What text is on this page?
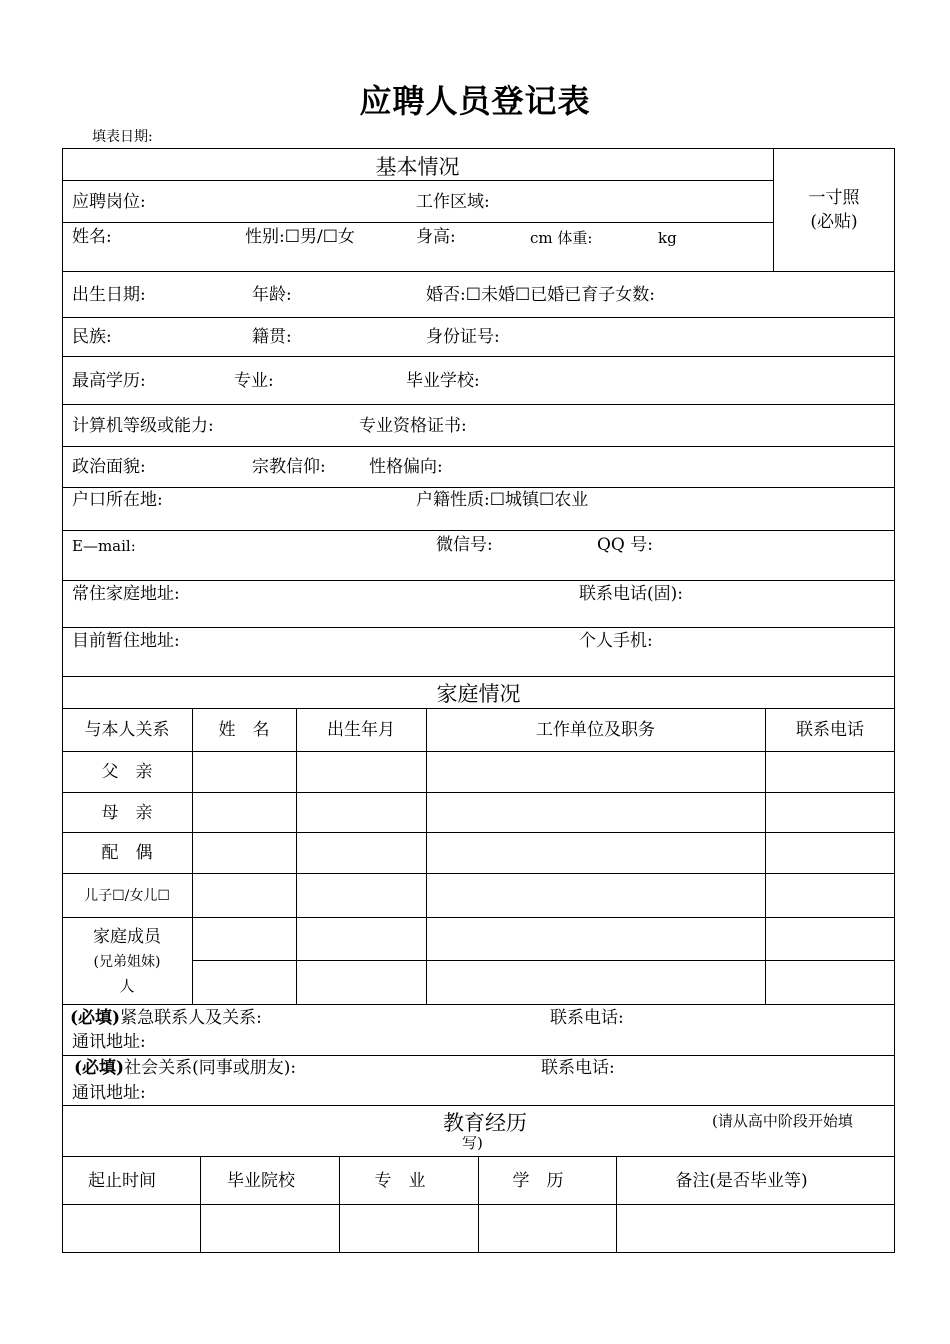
应聘人员登记表
填表日期:
基本情况
一寸照
(必贴)
应聘岗位:	工作区域:
姓名:	性别:☐男/☐女	身高:	cm 体重:	kg
出生日期:	年龄:	婚否:☐未婚☐已婚已育子女数:
民族:	籍贯:	身份证号:
最高学历:	专业:	毕业学校:
计算机等级或能力:	专业资格证书:
政治面貌:	宗教信仰:	性格偏向:
户口所在地:	户籍性质:☐城镇☐农业
E—mail:	微信号:	QQ 号:
常住家庭地址:	联系电话(固):
目前暂住地址:	个人手机:
家庭情况
与本人关系	姓　名	出生年月	工作单位及职务	联系电话
父　亲
母　亲
配　偶
儿子☐/女儿☐
家庭成员
(兄弟姐妹)
人
(必填)紧急联系人及关系:	联系电话:
通讯地址:
(必填)社会关系(同事或朋友):	联系电话:
通讯地址:
教育经历	(请从高中阶段开始填
写)
起止时间	毕业院校	专　业	学　历	备注(是否毕业等)
